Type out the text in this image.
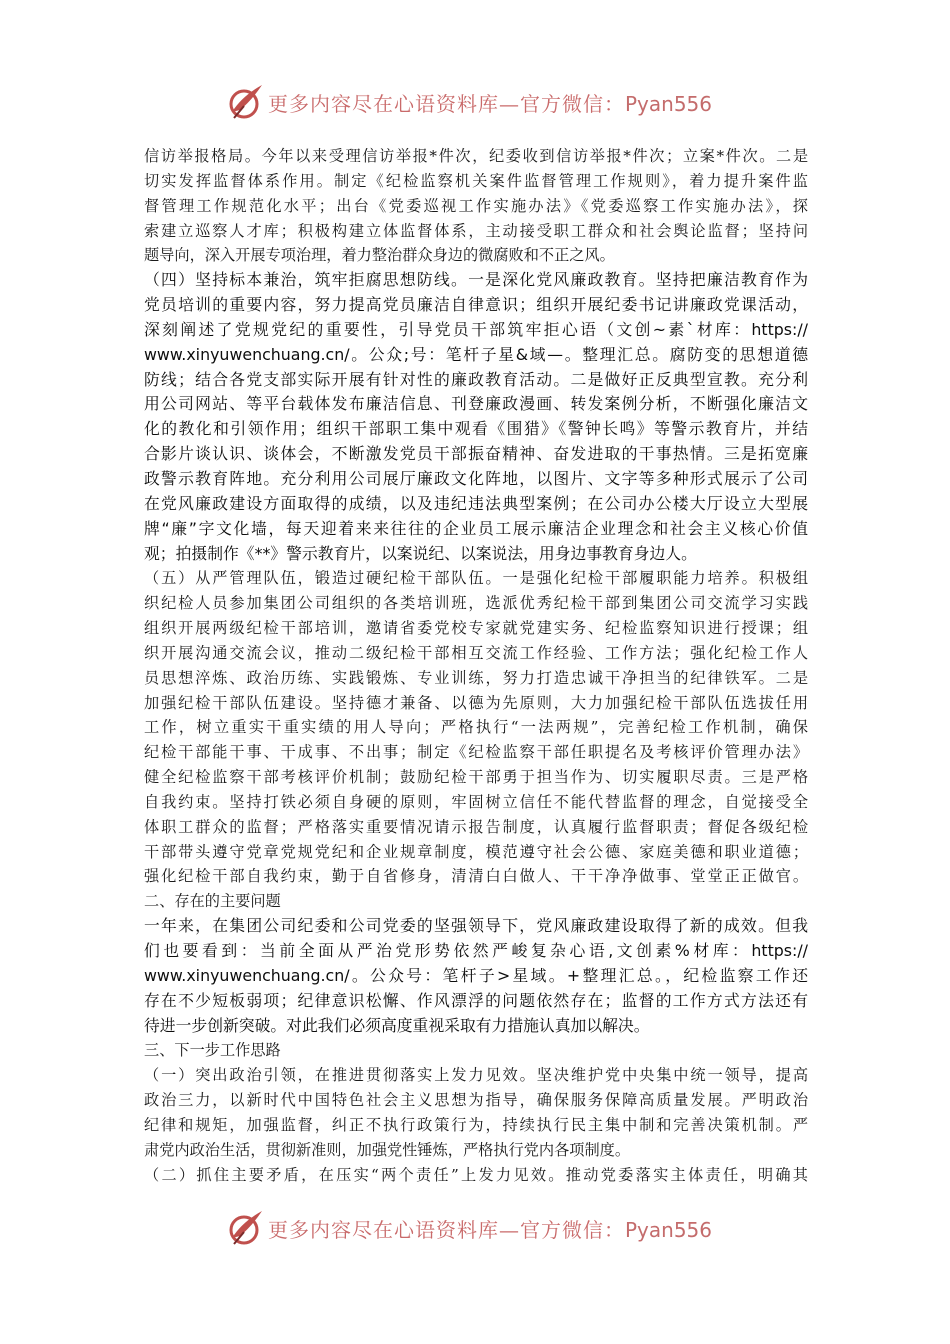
更多内容尽在心语资料库—官方微信：Pyan556
信访举报格局。今年以来受理信访举报*件次，纪委收到信访举报*件次；立案*件次。二是
切实发挥监督体系作用。制定《纪检监察机关案件监督管理工作规则》，着力提升案件监
督管理工作规范化水平；出台《党委巡视工作实施办法》《党委巡察工作实施办法》，探
索建立巡察人才库；积极构建立体监督体系，主动接受职工群众和社会舆论监督；坚持问
题导向，深入开展专项治理，着力整治群众身边的微腐败和不正之风。
（四）坚持标本兼治，筑牢拒腐思想防线。一是深化党风廉政教育。坚持把廉洁教育作为
党员培训的重要内容，努力提高党员廉洁自律意识；组织开展纪委书记讲廉政党课活动，
深刻阐述了党规党纪的重要性，引导党员干部筑牢拒心语（文创~素`材库：https://
www.xinyuwenchuang.cn/。公众;号：笔杆子星&域—。整理汇总。腐防变的思想道德
防线；结合各党支部实际开展有针对性的廉政教育活动。二是做好正反典型宣教。充分利
用公司网站、等平台载体发布廉洁信息、刊登廉政漫画、转发案例分析，不断强化廉洁文
化的教化和引领作用；组织干部职工集中观看《围猎》《警钟长鸣》等警示教育片，并结
合影片谈认识、谈体会，不断激发党员干部振奋精神、奋发进取的干事热情。三是拓宽廉
政警示教育阵地。充分利用公司展厅廉政文化阵地，以图片、文字等多种形式展示了公司
在党风廉政建设方面取得的成绩，以及违纪违法典型案例；在公司办公楼大厅设立大型展
牌“廉”字文化墙，每天迎着来来往往的企业员工展示廉洁企业理念和社会主义核心价值
观；拍摄制作《**》警示教育片，以案说纪、以案说法，用身边事教育身边人。
（五）从严管理队伍，锻造过硬纪检干部队伍。一是强化纪检干部履职能力培养。积极组
织纪检人员参加集团公司组织的各类培训班，选派优秀纪检干部到集团公司交流学习实践
组织开展两级纪检干部培训，邀请省委党校专家就党建实务、纪检监察知识进行授课；组
织开展沟通交流会议，推动二级纪检干部相互交流工作经验、工作方法；强化纪检工作人
员思想淬炼、政治历练、实践锻炼、专业训练，努力打造忠诚干净担当的纪律铁军。二是
加强纪检干部队伍建设。坚持德才兼备、以德为先原则，大力加强纪检干部队伍选拔任用
工作，树立重实干重实绩的用人导向；严格执行“一法两规”，完善纪检工作机制，确保
纪检干部能干事、干成事、不出事；制定《纪检监察干部任职提名及考核评价管理办法》
健全纪检监察干部考核评价机制；鼓励纪检干部勇于担当作为、切实履职尽责。三是严格
自我约束。坚持打铁必须自身硬的原则，牢固树立信任不能代替监督的理念，自觉接受全
体职工群众的监督；严格落实重要情况请示报告制度，认真履行监督职责；督促各级纪检
干部带头遵守党章党规党纪和企业规章制度，模范遵守社会公德、家庭美德和职业道德；
强化纪检干部自我约束，勤于自省修身，清清白白做人、干干净净做事、堂堂正正做官。
二、存在的主要问题
一年来，在集团公司纪委和公司党委的坚强领导下，党风廉政建设取得了新的成效。但我
们也要看到：当前全面从严治党形势依然严峻复杂心语,文创素%材库：https://
www.xinyuwenchuang.cn/。公众号：笔杆子>星域。+整理汇总。，纪检监察工作还
存在不少短板弱项；纪律意识松懈、作风漂浮的问题依然存在；监督的工作方式方法还有
待进一步创新突破。对此我们必须高度重视采取有力措施认真加以解决。
三、下一步工作思路
（一）突出政治引领，在推进贯彻落实上发力见效。坚决维护党中央集中统一领导，提高
政治三力，以新时代中国特色社会主义思想为指导，确保服务保障高质量发展。严明政治
纪律和规矩，加强监督，纠正不执行政策行为，持续执行民主集中制和完善决策机制。严
肃党内政治生活，贯彻新准则，加强党性锤炼，严格执行党内各项制度。
（二）抓住主要矛盾，在压实“两个责任”上发力见效。推动党委落实主体责任，明确其
更多内容尽在心语资料库—官方微信：Pyan556
